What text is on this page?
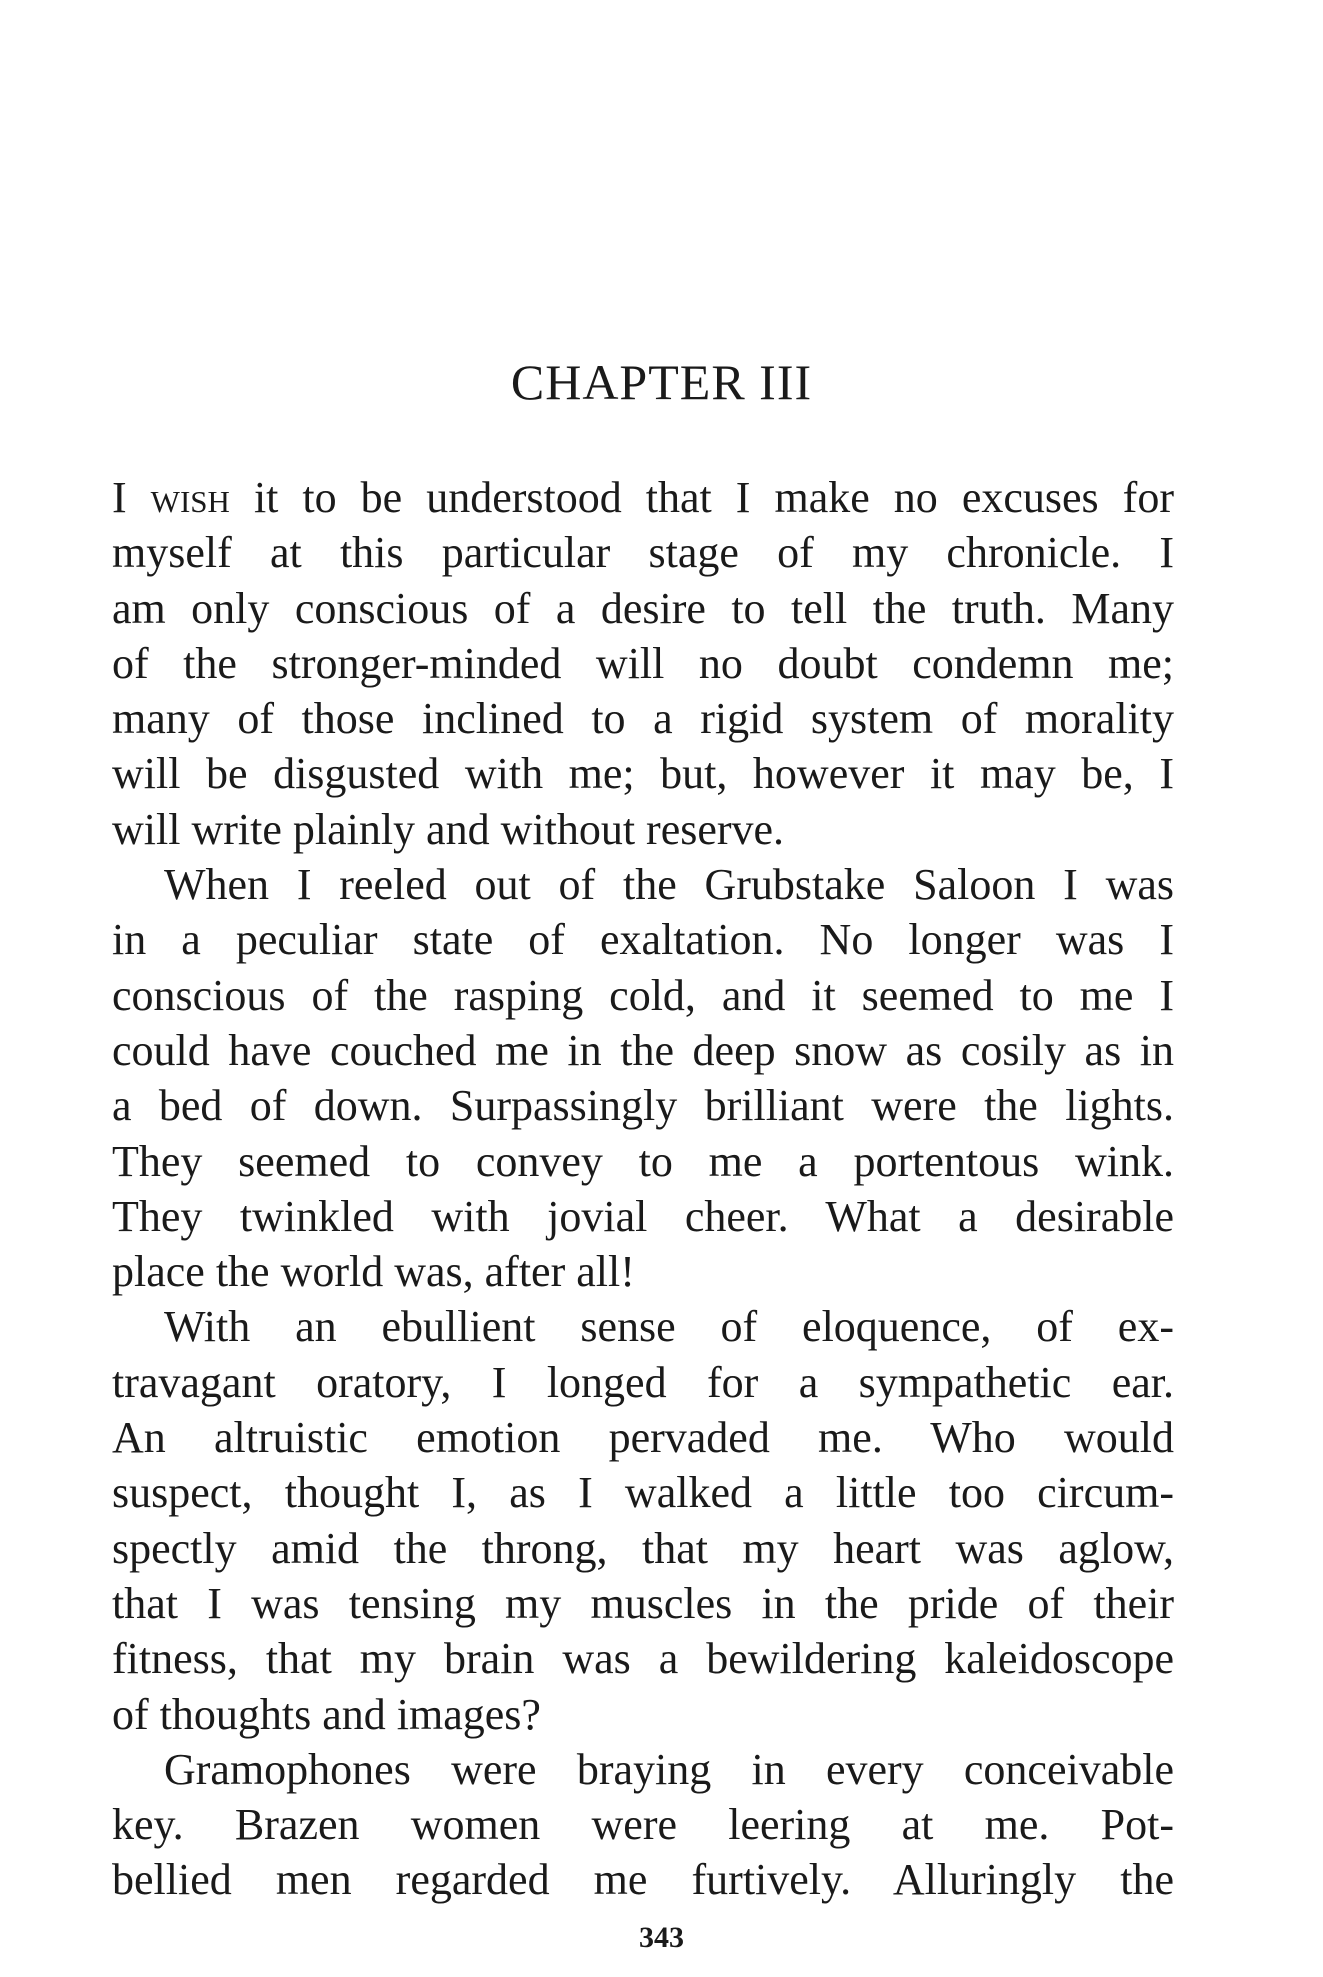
CHAPTER III
I wish it to be understood that I make no excuses for
myself at this particular stage of my chronicle. I
am only conscious of a desire to tell the truth. Many
of the stronger-minded will no doubt condemn me;
many of those inclined to a rigid system of morality
will be disgusted with me; but, however it may be, I
will write plainly and without reserve.
When I reeled out of the Grubstake Saloon I was
in a peculiar state of exaltation. No longer was I
conscious of the rasping cold, and it seemed to me I
could have couched me in the deep snow as cosily as in
a bed of down. Surpassingly brilliant were the lights.
They seemed to convey to me a portentous wink.
They twinkled with jovial cheer. What a desirable
place the world was, after all!
With an ebullient sense of eloquence, of ex-
travagant oratory, I longed for a sympathetic ear.
An altruistic emotion pervaded me. Who would
suspect, thought I, as I walked a little too circum-
spectly amid the throng, that my heart was aglow,
that I was tensing my muscles in the pride of their
fitness, that my brain was a bewildering kaleidoscope
of thoughts and images?
Gramophones were braying in every conceivable
key. Brazen women were leering at me. Pot-
bellied men regarded me furtively. Alluringly the
343
